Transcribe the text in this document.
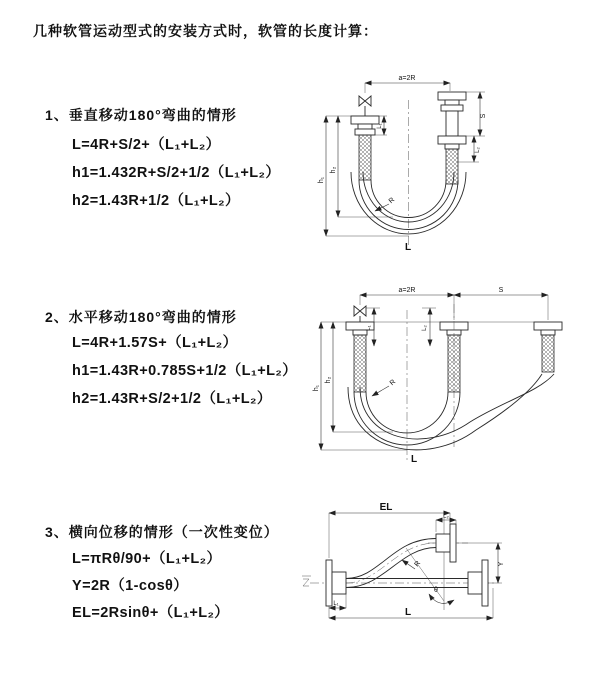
几种软管运动型式的安装方式时，软管的长度计算：
1、垂直移动180°弯曲的情形
L=4R+S/2+（L₁+L₂）
h1=1.432R+S/2+1/2（L₁+L₂）
h2=1.43R+1/2（L₁+L₂）
2、水平移动180°弯曲的情形
L=4R+1.57S+（L₁+L₂）
h1=1.43R+0.785S+1/2（L₁+L₂）
h2=1.43R+S/2+1/2（L₁+L₂）
3、横向位移的情形（一次性变位）
L=πRθ/90+（L₁+L₂）
Y=2R（1-cosθ）
EL=2Rsinθ+（L₁+L₂）
a=2R
h₁
h₂
L₁
S
L₂
R
L
a=2R	S
h₁
h₂
L₁	L₂
R
L
EL
L₂
Y
L
L₁
R
θ
